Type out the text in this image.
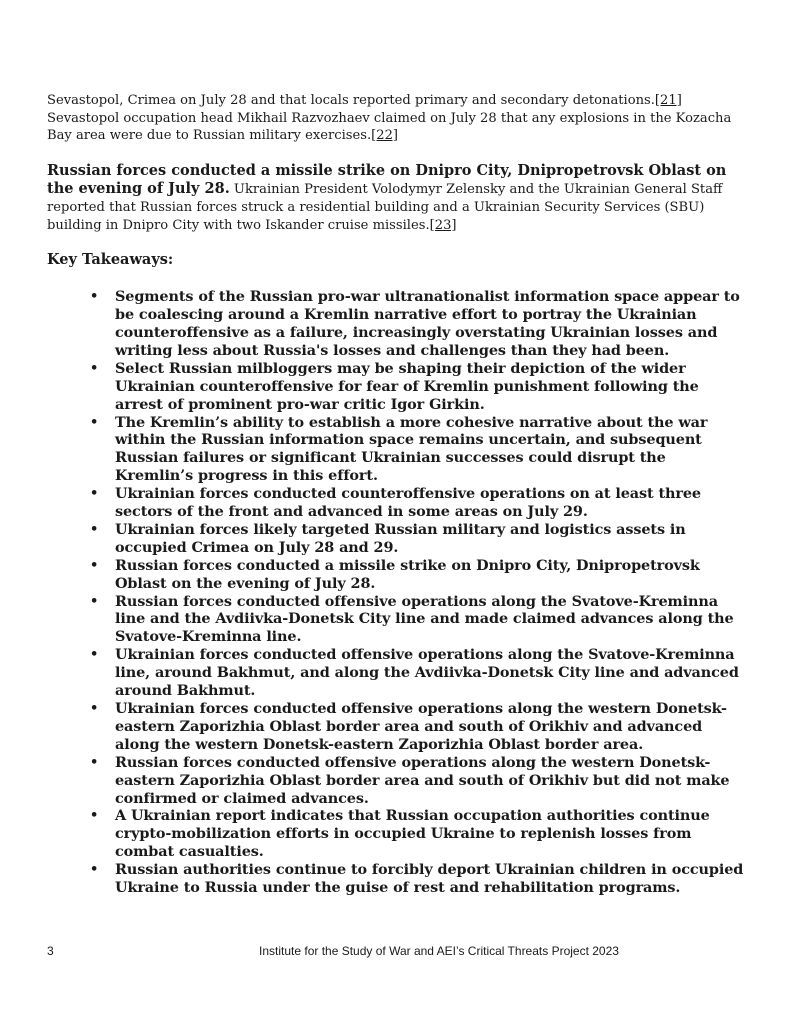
Sevastopol, Crimea on July 28 and that locals reported primary and secondary detonations.[21] Sevastopol occupation head Mikhail Razvozhaev claimed on July 28 that any explosions in the Kozacha Bay area were due to Russian military exercises.[22]

Russian forces conducted a missile strike on Dnipro City, Dnipropetrovsk Oblast on the evening of July 28. Ukrainian President Volodymyr Zelensky and the Ukrainian General Staff reported that Russian forces struck a residential building and a Ukrainian Security Services (SBU) building in Dnipro City with two Iskander cruise missiles.[23]

Key Takeaways:
• Segments of the Russian pro-war ultranationalist information space appear to be coalescing around a Kremlin narrative effort to portray the Ukrainian counteroffensive as a failure, increasingly overstating Ukrainian losses and writing less about Russia's losses and challenges than they had been.
• Select Russian milbloggers may be shaping their depiction of the wider Ukrainian counteroffensive for fear of Kremlin punishment following the arrest of prominent pro-war critic Igor Girkin.
• The Kremlin’s ability to establish a more cohesive narrative about the war within the Russian information space remains uncertain, and subsequent Russian failures or significant Ukrainian successes could disrupt the Kremlin’s progress in this effort.
• Ukrainian forces conducted counteroffensive operations on at least three sectors of the front and advanced in some areas on July 29.
• Ukrainian forces likely targeted Russian military and logistics assets in occupied Crimea on July 28 and 29.
• Russian forces conducted a missile strike on Dnipro City, Dnipropetrovsk Oblast on the evening of July 28.
• Russian forces conducted offensive operations along the Svatove-Kreminna line and the Avdiivka-Donetsk City line and made claimed advances along the Svatove-Kreminna line.
• Ukrainian forces conducted offensive operations along the Svatove-Kreminna line, around Bakhmut, and along the Avdiivka-Donetsk City line and advanced around Bakhmut.
• Ukrainian forces conducted offensive operations along the western Donetsk-eastern Zaporizhia Oblast border area and south of Orikhiv and advanced along the western Donetsk-eastern Zaporizhia Oblast border area.
• Russian forces conducted offensive operations along the western Donetsk-eastern Zaporizhia Oblast border area and south of Orikhiv but did not make confirmed or claimed advances.
• A Ukrainian report indicates that Russian occupation authorities continue crypto-mobilization efforts in occupied Ukraine to replenish losses from combat casualties.
• Russian authorities continue to forcibly deport Ukrainian children in occupied Ukraine to Russia under the guise of rest and rehabilitation programs.
3	Institute for the Study of War and AEI’s Critical Threats Project 2023
